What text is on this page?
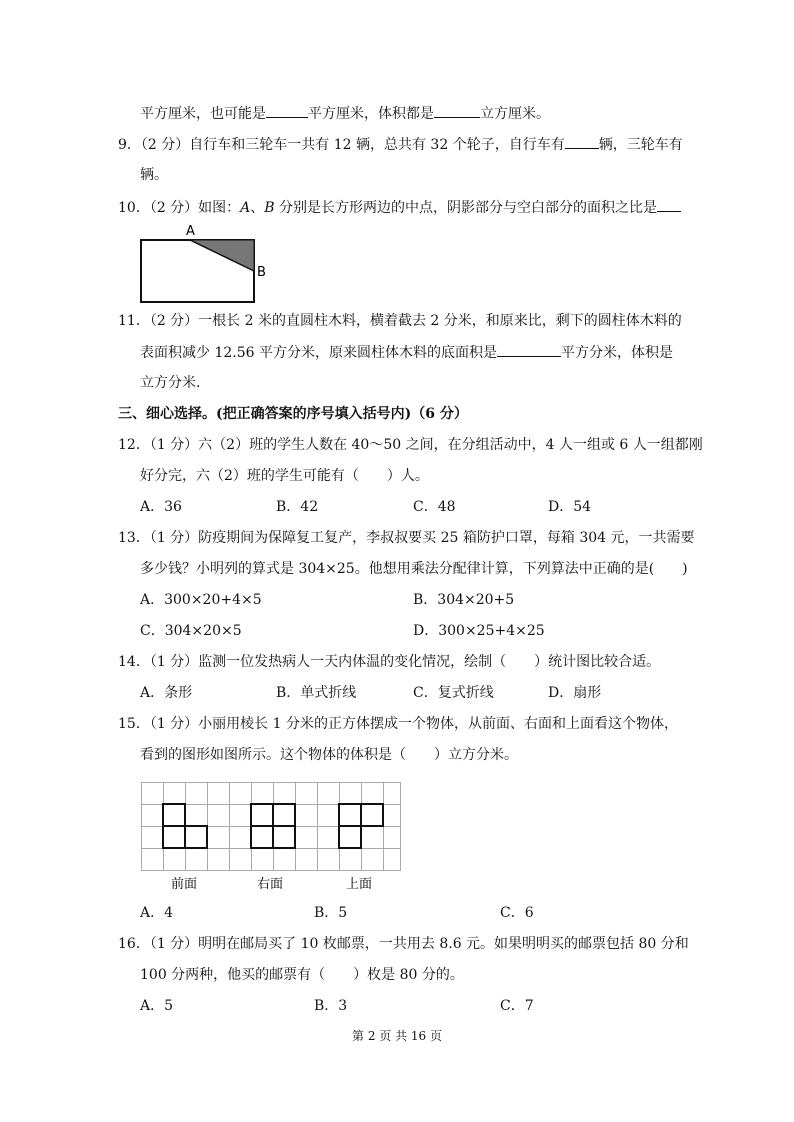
平方厘米，也可能是	平方厘米，体积都是	立方厘米。
9．（2 分）自行车和三轮车一共有 12 辆，总共有 32 个轮子，自行车有 辆，三轮车有
辆。
10．（2 分）如图：A、B 分别是长方形两边的中点，阴影部分与空白部分的面积之比是
A
B
11．（2 分）一根长 2 米的直圆柱木料，横着截去 2 分米，和原来比，剩下的圆柱体木料的
表面积减少 12.56 平方分米，原来圆柱体木料的底面积是	平方分米，体积是
立方分米.
三、细心选择。(把正确答案的序号填入括号内)（6 分）
12．（1 分）六（2）班的学生人数在 40～50 之间，在分组活动中，4 人一组或 6 人一组都刚
好分完，六（2）班的学生可能有（　　）人。
A．36	B．42	C．48	D．54
13．（1 分）防疫期间为保障复工复产，李叔叔要买 25 箱防护口罩，每箱 304 元，一共需要
多少钱？小明列的算式是 304×25。他想用乘法分配律计算，下列算法中正确的是(　　)
A．300×20+4×5	B．304×20+5
C．304×20×5	D．300×25+4×25
14．（1 分）监测一位发热病人一天内体温的变化情况，绘制（　　）统计图比较合适。
A．条形	B．单式折线	C．复式折线	D．扇形
15．（1 分）小丽用棱长 1 分米的正方体摆成一个物体，从前面、右面和上面看这个物体，
看到的图形如图所示。这个物体的体积是（　　）立方分米。
前面	右面	上面
A．4	B．5	C．6
16．（1 分）明明在邮局买了 10 枚邮票，一共用去 8.6 元。如果明明买的邮票包括 80 分和
100 分两种，他买的邮票有（　　）枚是 80 分的。
A．5	B．3	C．7
第 2 页 共 16 页
